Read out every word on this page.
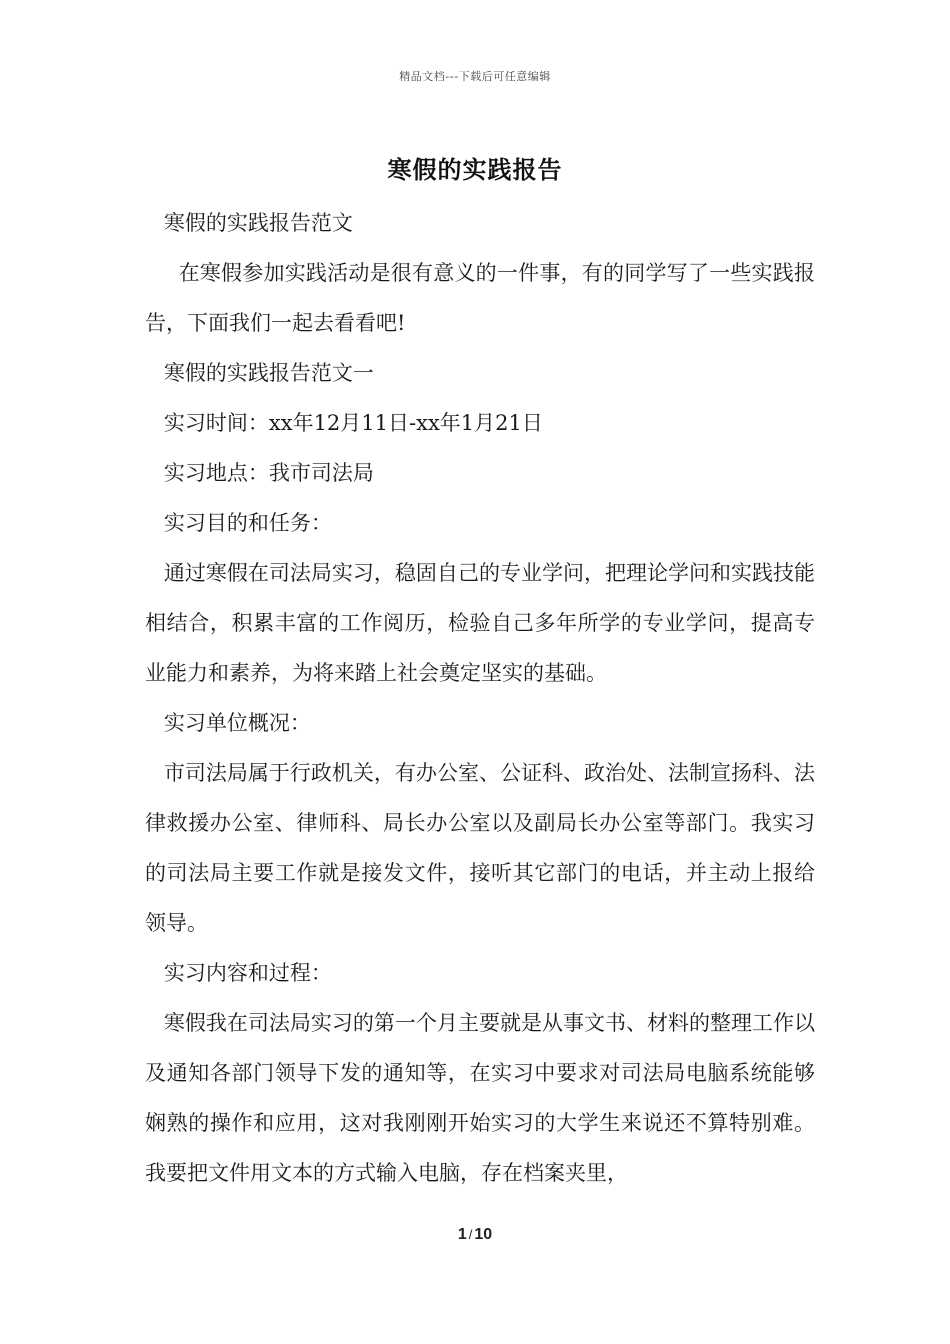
精品文档---下载后可任意编辑
寒假的实践报告

寒假的实践报告范文

在寒假参加实践活动是很有意义的一件事，有的同学写了一些实践报告，下面我们一起去看看吧!

寒假的实践报告范文一

实习时间：xx年12月11日-xx年1月21日

实习地点：我市司法局

实习目的和任务：

通过寒假在司法局实习，稳固自己的专业学问，把理论学问和实践技能相结合，积累丰富的工作阅历，检验自己多年所学的专业学问，提高专业能力和素养，为将来踏上社会奠定坚实的基础。

实习单位概况：

市司法局属于行政机关，有办公室、公证科、政治处、法制宣扬科、法律救援办公室、律师科、局长办公室以及副局长办公室等部门。我实习的司法局主要工作就是接发文件，接听其它部门的电话，并主动上报给领导。

实习内容和过程：

寒假我在司法局实习的第一个月主要就是从事文书、材料的整理工作以及通知各部门领导下发的通知等，在实习中要求对司法局电脑系统能够娴熟的操作和应用，这对我刚刚开始实习的大学生来说还不算特别难。我要把文件用文本的方式输入电脑，存在档案夹里，

1 / 10
